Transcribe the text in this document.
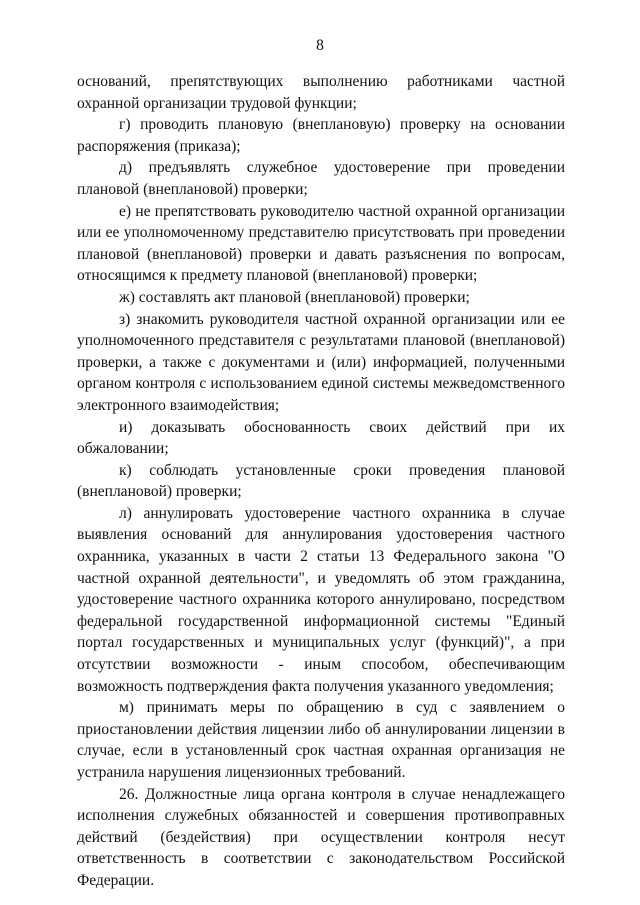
8

оснований, препятствующих выполнению работниками частной охранной организации трудовой функции;

г) проводить плановую (внеплановую) проверку на основании распоряжения (приказа);

д) предъявлять служебное удостоверение при проведении плановой (внеплановой) проверки;

е) не препятствовать руководителю частной охранной организации или ее уполномоченному представителю присутствовать при проведении плановой (внеплановой) проверки и давать разъяснения по вопросам, относящимся к предмету плановой (внеплановой) проверки;

ж) составлять акт плановой (внеплановой) проверки;

з) знакомить руководителя частной охранной организации или ее уполномоченного представителя с результатами плановой (внеплановой) проверки, а также с документами и (или) информацией, полученными органом контроля с использованием единой системы межведомственного электронного взаимодействия;

и) доказывать обоснованность своих действий при их обжаловании;

к) соблюдать установленные сроки проведения плановой (внеплановой) проверки;

л) аннулировать удостоверение частного охранника в случае выявления оснований для аннулирования удостоверения частного охранника, указанных в части 2 статьи 13 Федерального закона "О частной охранной деятельности", и уведомлять об этом гражданина, удостоверение частного охранника которого аннулировано, посредством федеральной государственной информационной системы "Единый портал государственных и муниципальных услуг (функций)", а при отсутствии возможности - иным способом, обеспечивающим возможность подтверждения факта получения указанного уведомления;

м) принимать меры по обращению в суд с заявлением о приостановлении действия лицензии либо об аннулировании лицензии в случае, если в установленный срок частная охранная организация не устранила нарушения лицензионных требований.

26. Должностные лица органа контроля в случае ненадлежащего исполнения служебных обязанностей и совершения противоправных действий (бездействия) при осуществлении контроля несут ответственность в соответствии с законодательством Российской Федерации.
